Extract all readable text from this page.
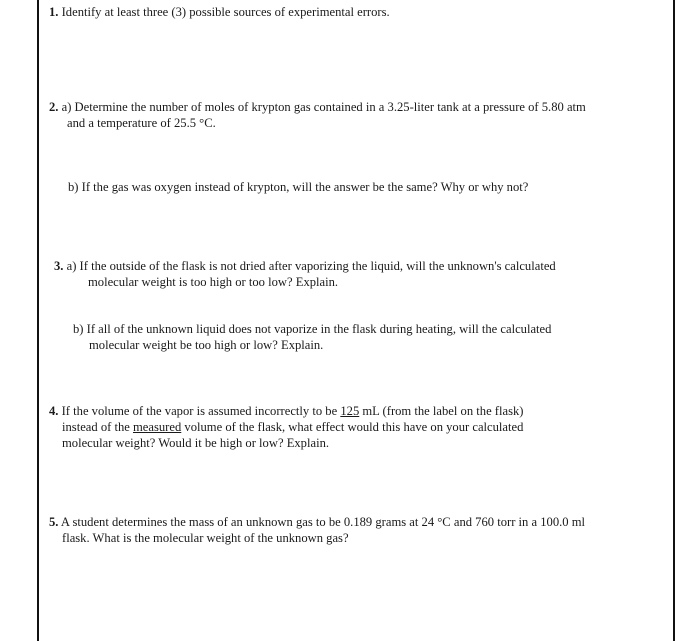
1. Identify at least three (3) possible sources of experimental errors.
2. a) Determine the number of moles of krypton gas contained in a 3.25-liter tank at a pressure of 5.80 atm
and a temperature of 25.5 °C.
b) If the gas was oxygen instead of krypton, will the answer be the same? Why or why not?
3. a) If the outside of the flask is not dried after vaporizing the liquid, will the unknown's calculated
molecular weight is too high or too low? Explain.
b) If all of the unknown liquid does not vaporize in the flask during heating, will the calculated
molecular weight be too high or low? Explain.
4. If the volume of the vapor is assumed incorrectly to be 125 mL (from the label on the flask)
instead of the measured volume of the flask, what effect would this have on your calculated
molecular weight? Would it be high or low? Explain.
5. A student determines the mass of an unknown gas to be 0.189 grams at 24 °C and 760 torr in a 100.0 ml
flask. What is the molecular weight of the unknown gas?
